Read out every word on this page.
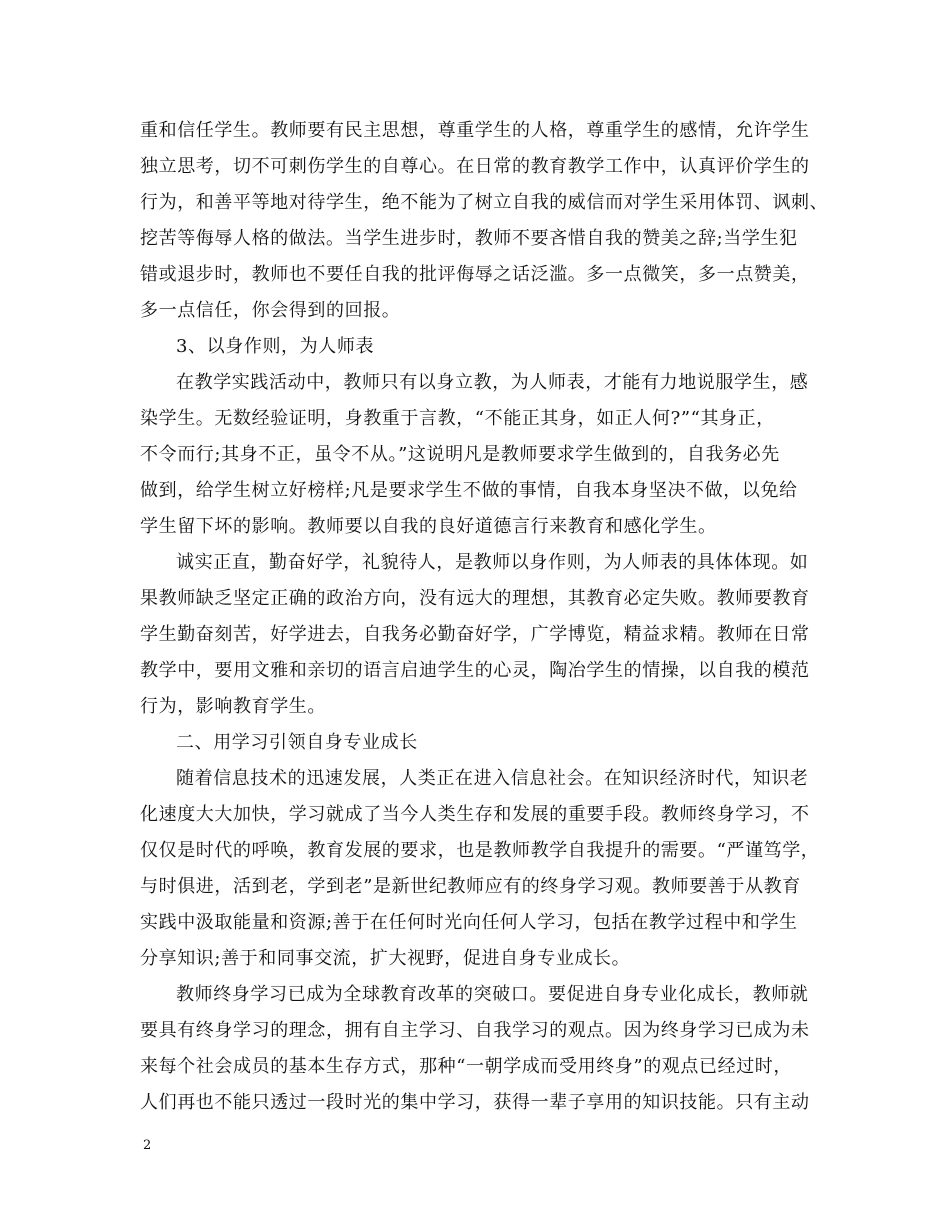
重和信任学生。教师要有民主思想，尊重学生的人格，尊重学生的感情，允许学生
独立思考，切不可刺伤学生的自尊心。在日常的教育教学工作中，认真评价学生的
行为，和善平等地对待学生，绝不能为了树立自我的威信而对学生采用体罚、讽刺、
挖苦等侮辱人格的做法。当学生进步时，教师不要吝惜自我的赞美之辞;当学生犯
错或退步时，教师也不要任自我的批评侮辱之话泛滥。多一点微笑，多一点赞美，
多一点信任，你会得到的回报。
3、以身作则，为人师表
在教学实践活动中，教师只有以身立教，为人师表，才能有力地说服学生，感
染学生。无数经验证明，身教重于言教，“不能正其身，如正人何?”“其身正，
不令而行;其身不正，虽令不从。”这说明凡是教师要求学生做到的，自我务必先
做到，给学生树立好榜样;凡是要求学生不做的事情，自我本身坚决不做，以免给
学生留下坏的影响。教师要以自我的良好道德言行来教育和感化学生。
诚实正直，勤奋好学，礼貌待人，是教师以身作则，为人师表的具体体现。如
果教师缺乏坚定正确的政治方向，没有远大的理想，其教育必定失败。教师要教育
学生勤奋刻苦，好学进去，自我务必勤奋好学，广学博览，精益求精。教师在日常
教学中，要用文雅和亲切的语言启迪学生的心灵，陶冶学生的情操，以自我的模范
行为，影响教育学生。
二、用学习引领自身专业成长
随着信息技术的迅速发展，人类正在进入信息社会。在知识经济时代，知识老
化速度大大加快，学习就成了当今人类生存和发展的重要手段。教师终身学习，不
仅仅是时代的呼唤，教育发展的要求，也是教师教学自我提升的需要。“严谨笃学，
与时俱进，活到老，学到老”是新世纪教师应有的终身学习观。教师要善于从教育
实践中汲取能量和资源;善于在任何时光向任何人学习，包括在教学过程中和学生
分享知识;善于和同事交流，扩大视野，促进自身专业成长。
教师终身学习已成为全球教育改革的突破口。要促进自身专业化成长，教师就
要具有终身学习的理念，拥有自主学习、自我学习的观点。因为终身学习已成为未
来每个社会成员的基本生存方式，那种“一朝学成而受用终身”的观点已经过时，
人们再也不能只透过一段时光的集中学习，获得一辈子享用的知识技能。只有主动
2
